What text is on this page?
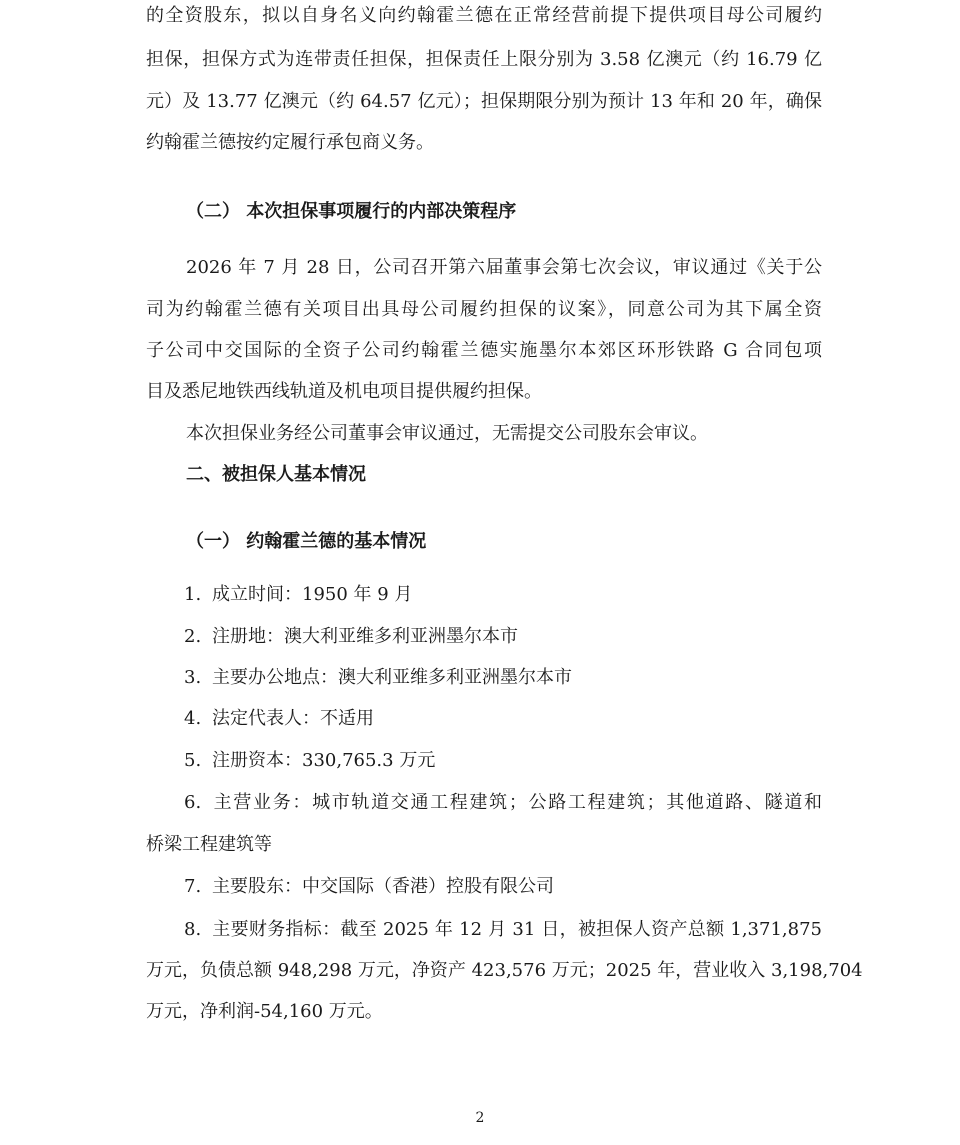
的全资股东，拟以自身名义向约翰霍兰德在正常经营前提下提供项目母公司履约
担保，担保方式为连带责任担保，担保责任上限分别为 3.58 亿澳元（约 16.79 亿
元）及 13.77 亿澳元（约 64.57 亿元）；担保期限分别为预计 13 年和 20 年，确保
约翰霍兰德按约定履行承包商义务。
（二） 本次担保事项履行的内部决策程序
2026 年 7 月 28 日，公司召开第六届董事会第七次会议，审议通过《关于公
司为约翰霍兰德有关项目出具母公司履约担保的议案》，同意公司为其下属全资
子公司中交国际的全资子公司约翰霍兰德实施墨尔本郊区环形铁路 G 合同包项
目及悉尼地铁西线轨道及机电项目提供履约担保。
本次担保业务经公司董事会审议通过，无需提交公司股东会审议。
二、被担保人基本情况
（一） 约翰霍兰德的基本情况
1. 成立时间：1950 年 9 月
2. 注册地：澳大利亚维多利亚洲墨尔本市
3. 主要办公地点：澳大利亚维多利亚洲墨尔本市
4. 法定代表人：不适用
5. 注册资本：330,765.3 万元
6. 主营业务：城市轨道交通工程建筑；公路工程建筑；其他道路、隧道和
桥梁工程建筑等
7. 主要股东：中交国际（香港）控股有限公司
8. 主要财务指标：截至 2025 年 12 月 31 日，被担保人资产总额 1,371,875
万元，负债总额 948,298 万元，净资产 423,576 万元；2025 年，营业收入 3,198,704
万元，净利润-54,160 万元。
2
